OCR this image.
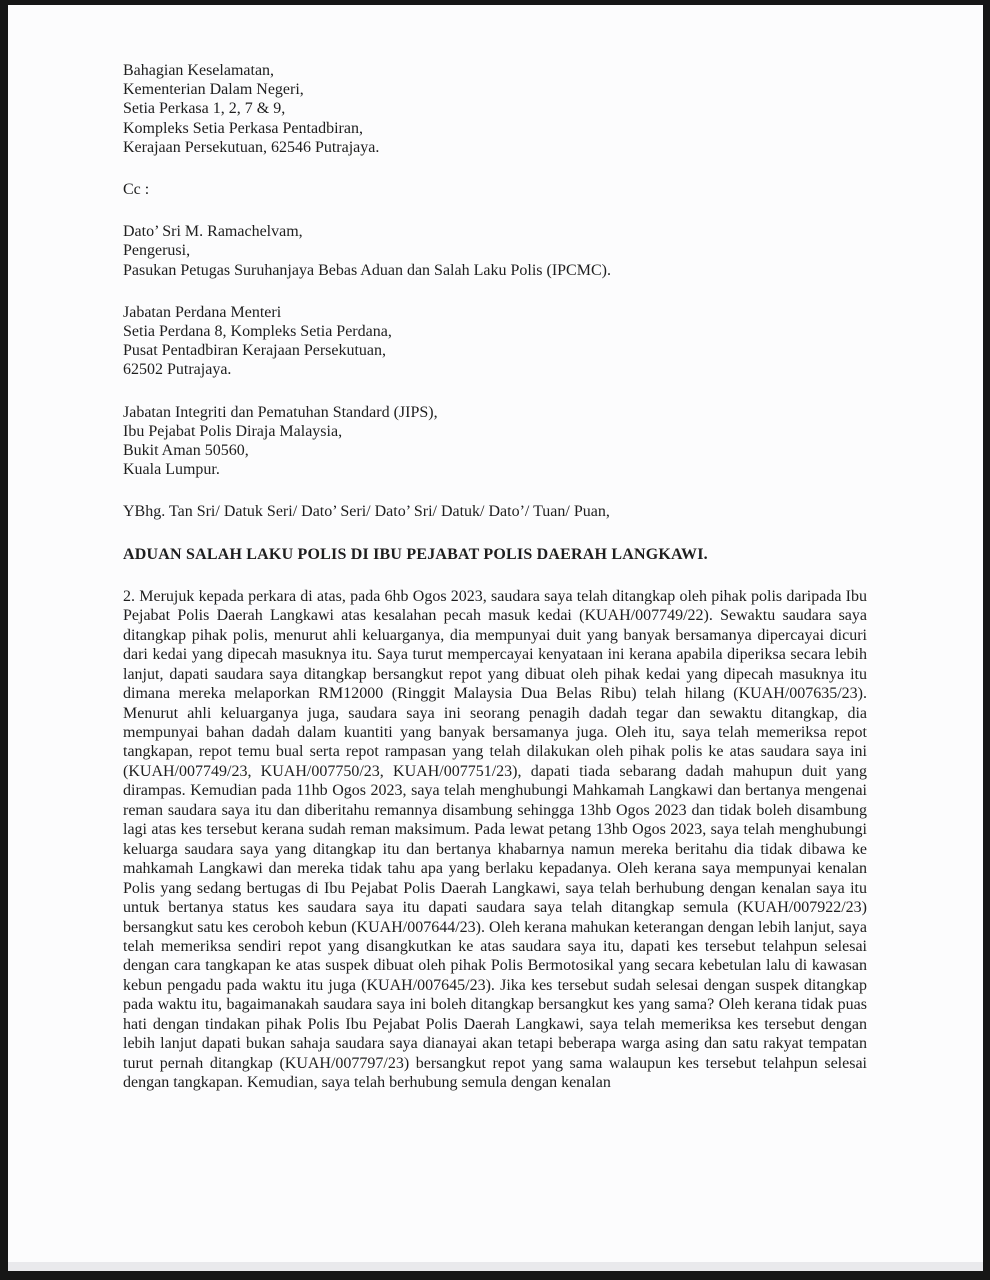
Bahagian Keselamatan,
Kementerian Dalam Negeri,
Setia Perkasa 1, 2, 7 & 9,
Kompleks Setia Perkasa Pentadbiran,
Kerajaan Persekutuan, 62546 Putrajaya.
Cc :
Dato’ Sri M. Ramachelvam,
Pengerusi,
Pasukan Petugas Suruhanjaya Bebas Aduan dan Salah Laku Polis (IPCMC).
Jabatan Perdana Menteri
Setia Perdana 8, Kompleks Setia Perdana,
Pusat Pentadbiran Kerajaan Persekutuan,
62502 Putrajaya.
Jabatan Integriti dan Pematuhan Standard (JIPS),
Ibu Pejabat Polis Diraja Malaysia,
Bukit Aman 50560,
Kuala Lumpur.
YBhg. Tan Sri/ Datuk Seri/ Dato’ Seri/ Dato’ Sri/ Datuk/ Dato’/ Tuan/ Puan,
ADUAN SALAH LAKU POLIS DI IBU PEJABAT POLIS DAERAH LANGKAWI.

2. Merujuk kepada perkara di atas, pada 6hb Ogos 2023, saudara saya telah ditangkap oleh pihak polis daripada Ibu Pejabat Polis Daerah Langkawi atas kesalahan pecah masuk kedai (KUAH/007749/22). Sewaktu saudara saya ditangkap pihak polis, menurut ahli keluarganya, dia mempunyai duit yang banyak bersamanya dipercayai dicuri dari kedai yang dipecah masuknya itu. Saya turut mempercayai kenyataan ini kerana apabila diperiksa secara lebih lanjut, dapati saudara saya ditangkap bersangkut repot yang dibuat oleh pihak kedai yang dipecah masuknya itu dimana mereka melaporkan RM12000 (Ringgit Malaysia Dua Belas Ribu) telah hilang (KUAH/007635/23). Menurut ahli keluarganya juga, saudara saya ini seorang penagih dadah tegar dan sewaktu ditangkap, dia mempunyai bahan dadah dalam kuantiti yang banyak bersamanya juga. Oleh itu, saya telah memeriksa repot tangkapan, repot temu bual serta repot rampasan yang telah dilakukan oleh pihak polis ke atas saudara saya ini (KUAH/007749/23, KUAH/007750/23, KUAH/007751/23), dapati tiada sebarang dadah mahupun duit yang dirampas. Kemudian pada 11hb Ogos 2023, saya telah menghubungi Mahkamah Langkawi dan bertanya mengenai reman saudara saya itu dan diberitahu remannya disambung sehingga 13hb Ogos 2023 dan tidak boleh disambung lagi atas kes tersebut kerana sudah reman maksimum. Pada lewat petang 13hb Ogos 2023, saya telah menghubungi keluarga saudara saya yang ditangkap itu dan bertanya khabarnya namun mereka beritahu dia tidak dibawa ke mahkamah Langkawi dan mereka tidak tahu apa yang berlaku kepadanya. Oleh kerana saya mempunyai kenalan Polis yang sedang bertugas di Ibu Pejabat Polis Daerah Langkawi, saya telah berhubung dengan kenalan saya itu untuk bertanya status kes saudara saya itu dapati saudara saya telah ditangkap semula (KUAH/007922/23) bersangkut satu kes ceroboh kebun (KUAH/007644/23). Oleh kerana mahukan keterangan dengan lebih lanjut, saya telah memeriksa sendiri repot yang disangkutkan ke atas saudara saya itu, dapati kes tersebut telahpun selesai dengan cara tangkapan ke atas suspek dibuat oleh pihak Polis Bermotosikal yang secara kebetulan lalu di kawasan kebun pengadu pada waktu itu juga (KUAH/007645/23). Jika kes tersebut sudah selesai dengan suspek ditangkap pada waktu itu, bagaimanakah saudara saya ini boleh ditangkap bersangkut kes yang sama? Oleh kerana tidak puas hati dengan tindakan pihak Polis Ibu Pejabat Polis Daerah Langkawi, saya telah memeriksa kes tersebut dengan lebih lanjut dapati bukan sahaja saudara saya dianayai akan tetapi beberapa warga asing dan satu rakyat tempatan turut pernah ditangkap (KUAH/007797/23) bersangkut repot yang sama walaupun kes tersebut telahpun selesai dengan tangkapan. Kemudian, saya telah berhubung semula dengan kenalan
